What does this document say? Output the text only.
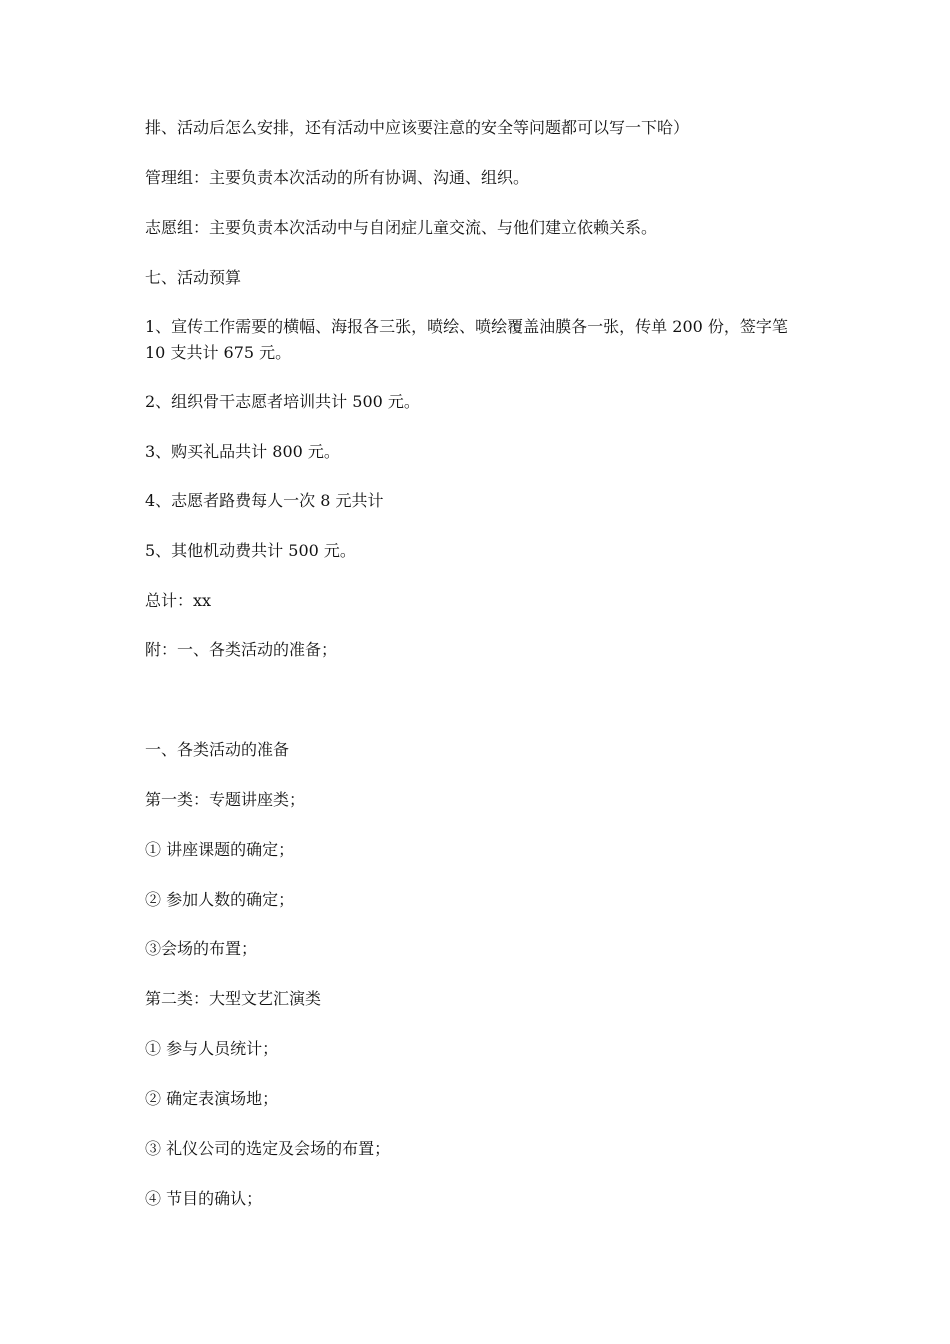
排、活动后怎么安排，还有活动中应该要注意的安全等问题都可以写一下哈）
管理组：主要负责本次活动的所有协调、沟通、组织。
志愿组：主要负责本次活动中与自闭症儿童交流、与他们建立依赖关系。
七、活动预算
1、宣传工作需要的横幅、海报各三张，喷绘、喷绘覆盖油膜各一张，传单 200 份，签字笔 10 支共计 675 元。
2、组织骨干志愿者培训共计 500 元。
3、购买礼品共计 800 元。
4、志愿者路费每人一次 8 元共计
5、其他机动费共计 500 元。
总计：xx
附：一、各类活动的准备；
一、各类活动的准备
第一类：专题讲座类；
① 讲座课题的确定；
② 参加人数的确定；
③会场的布置；
第二类：大型文艺汇演类
① 参与人员统计；
② 确定表演场地；
③ 礼仪公司的选定及会场的布置；
④ 节目的确认；
